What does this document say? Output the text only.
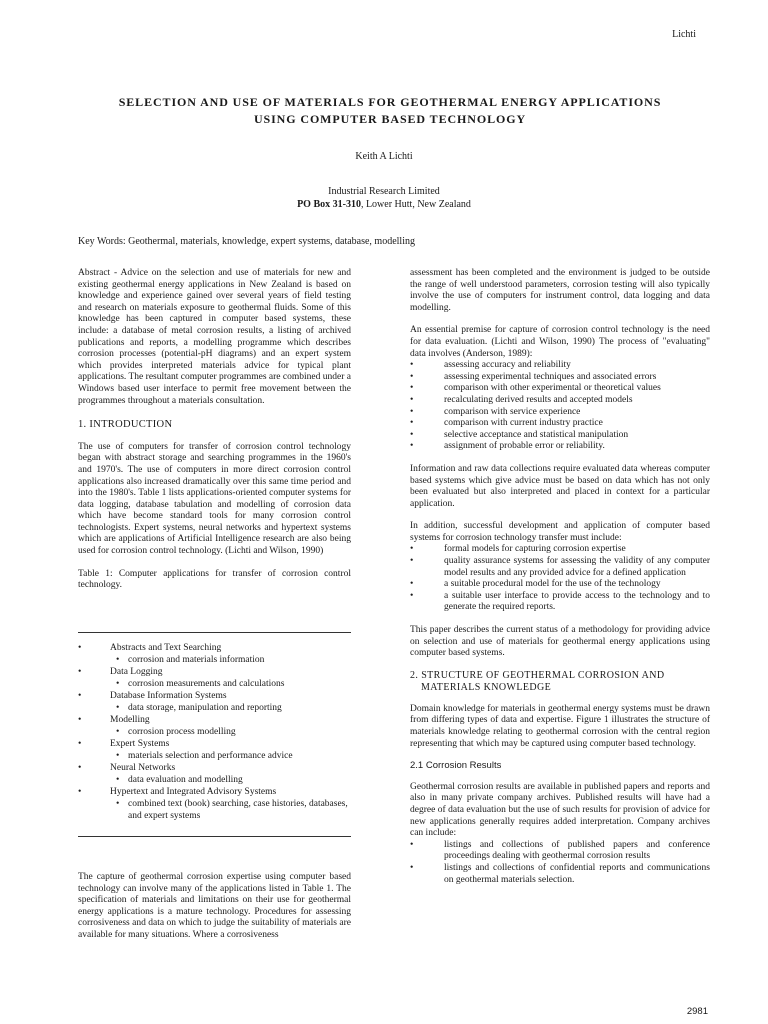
Lichti
SELECTION AND USE OF MATERIALS FOR GEOTHERMAL ENERGY APPLICATIONS
USING COMPUTER BASED TECHNOLOGY
Keith A Lichti
Industrial Research Limited
PO Box 31-310, Lower Hutt, New Zealand
Key Words: Geothermal, materials, knowledge, expert systems, database, modelling

Abstract - Advice on the selection and use of materials for new and existing geothermal energy applications in New Zealand is based on knowledge and experience gained over several years of field testing and research on materials exposure to geothermal fluids. Some of this knowledge has been captured in computer based systems, these include: a database of metal corrosion results, a listing of archived publications and reports, a modelling programme which describes corrosion processes (potential-pH diagrams) and an expert system which provides interpreted materials advice for typical plant applications. The resultant computer programmes are combined under a Windows based user interface to permit free movement between the programmes throughout a materials consultation.

1. INTRODUCTION

The use of computers for transfer of corrosion control technology began with abstract storage and searching programmes in the 1960's and 1970's. The use of computers in more direct corrosion control applications also increased dramatically over this same time period and into the 1980's. Table 1 lists applications-oriented computer systems for data logging, database tabulation and modelling of corrosion data which have become standard tools for many corrosion control technologists. Expert systems, neural networks and hypertext systems which are applications of Artificial Intelligence research are also being used for corrosion control technology. (Lichti and Wilson, 1990)

Table 1: Computer applications for transfer of corrosion control technology.

• Abstracts and Text Searching
• corrosion and materials information
• Data Logging
• corrosion measurements and calculations
• Database Information Systems
• data storage, manipulation and reporting
• Modelling
• corrosion process modelling
• Expert Systems
• materials selection and performance advice
• Neural Networks
• data evaluation and modelling
• Hypertext and Integrated Advisory Systems
• combined text (book) searching, case histories, databases, and expert systems

The capture of geothermal corrosion expertise using computer based technology can involve many of the applications listed in Table 1. The specification of materials and limitations on their use for geothermal energy applications is a mature technology. Procedures for assessing corrosiveness and data on which to judge the suitability of materials are available for many situations. Where a corrosiveness

assessment has been completed and the environment is judged to be outside the range of well understood parameters, corrosion testing will also typically involve the use of computers for instrument control, data logging and data modelling.

An essential premise for capture of corrosion control technology is the need for data evaluation. (Lichti and Wilson, 1990) The process of "evaluating" data involves (Anderson, 1989):

• assessing accuracy and reliability
• assessing experimental techniques and associated errors
• comparison with other experimental or theoretical values
• recalculating derived results and accepted models
• comparison with service experience
• comparison with current industry practice
• selective acceptance and statistical manipulation
• assignment of probable error or reliability.

Information and raw data collections require evaluated data whereas computer based systems which give advice must be based on data which has not only been evaluated but also interpreted and placed in context for a particular application.

In addition, successful development and application of computer based systems for corrosion technology transfer must include:

• formal models for capturing corrosion expertise
• quality assurance systems for assessing the validity of any computer model results and any provided advice for a defined application
• a suitable procedural model for the use of the technology
• a suitable user interface to provide access to the technology and to generate the required reports.

This paper describes the current status of a methodology for providing advice on selection and use of materials for geothermal energy applications using computer based systems.

2. STRUCTURE OF GEOTHERMAL CORROSION AND
MATERIALS KNOWLEDGE

Domain knowledge for materials in geothermal energy systems must be drawn from differing types of data and expertise. Figure 1 illustrates the structure of materials knowledge relating to geothermal corrosion with the central region representing that which may be captured using computer based technology.

2.1 Corrosion Results

Geothermal corrosion results are available in published papers and reports and also in many private company archives. Published results will have had a degree of data evaluation but the use of such results for provision of advice for new applications generally requires added interpretation. Company archives can include:

• listings and collections of published papers and conference proceedings dealing with geothermal corrosion results
• listings and collections of confidential reports and communications on geothermal materials selection.
2981
